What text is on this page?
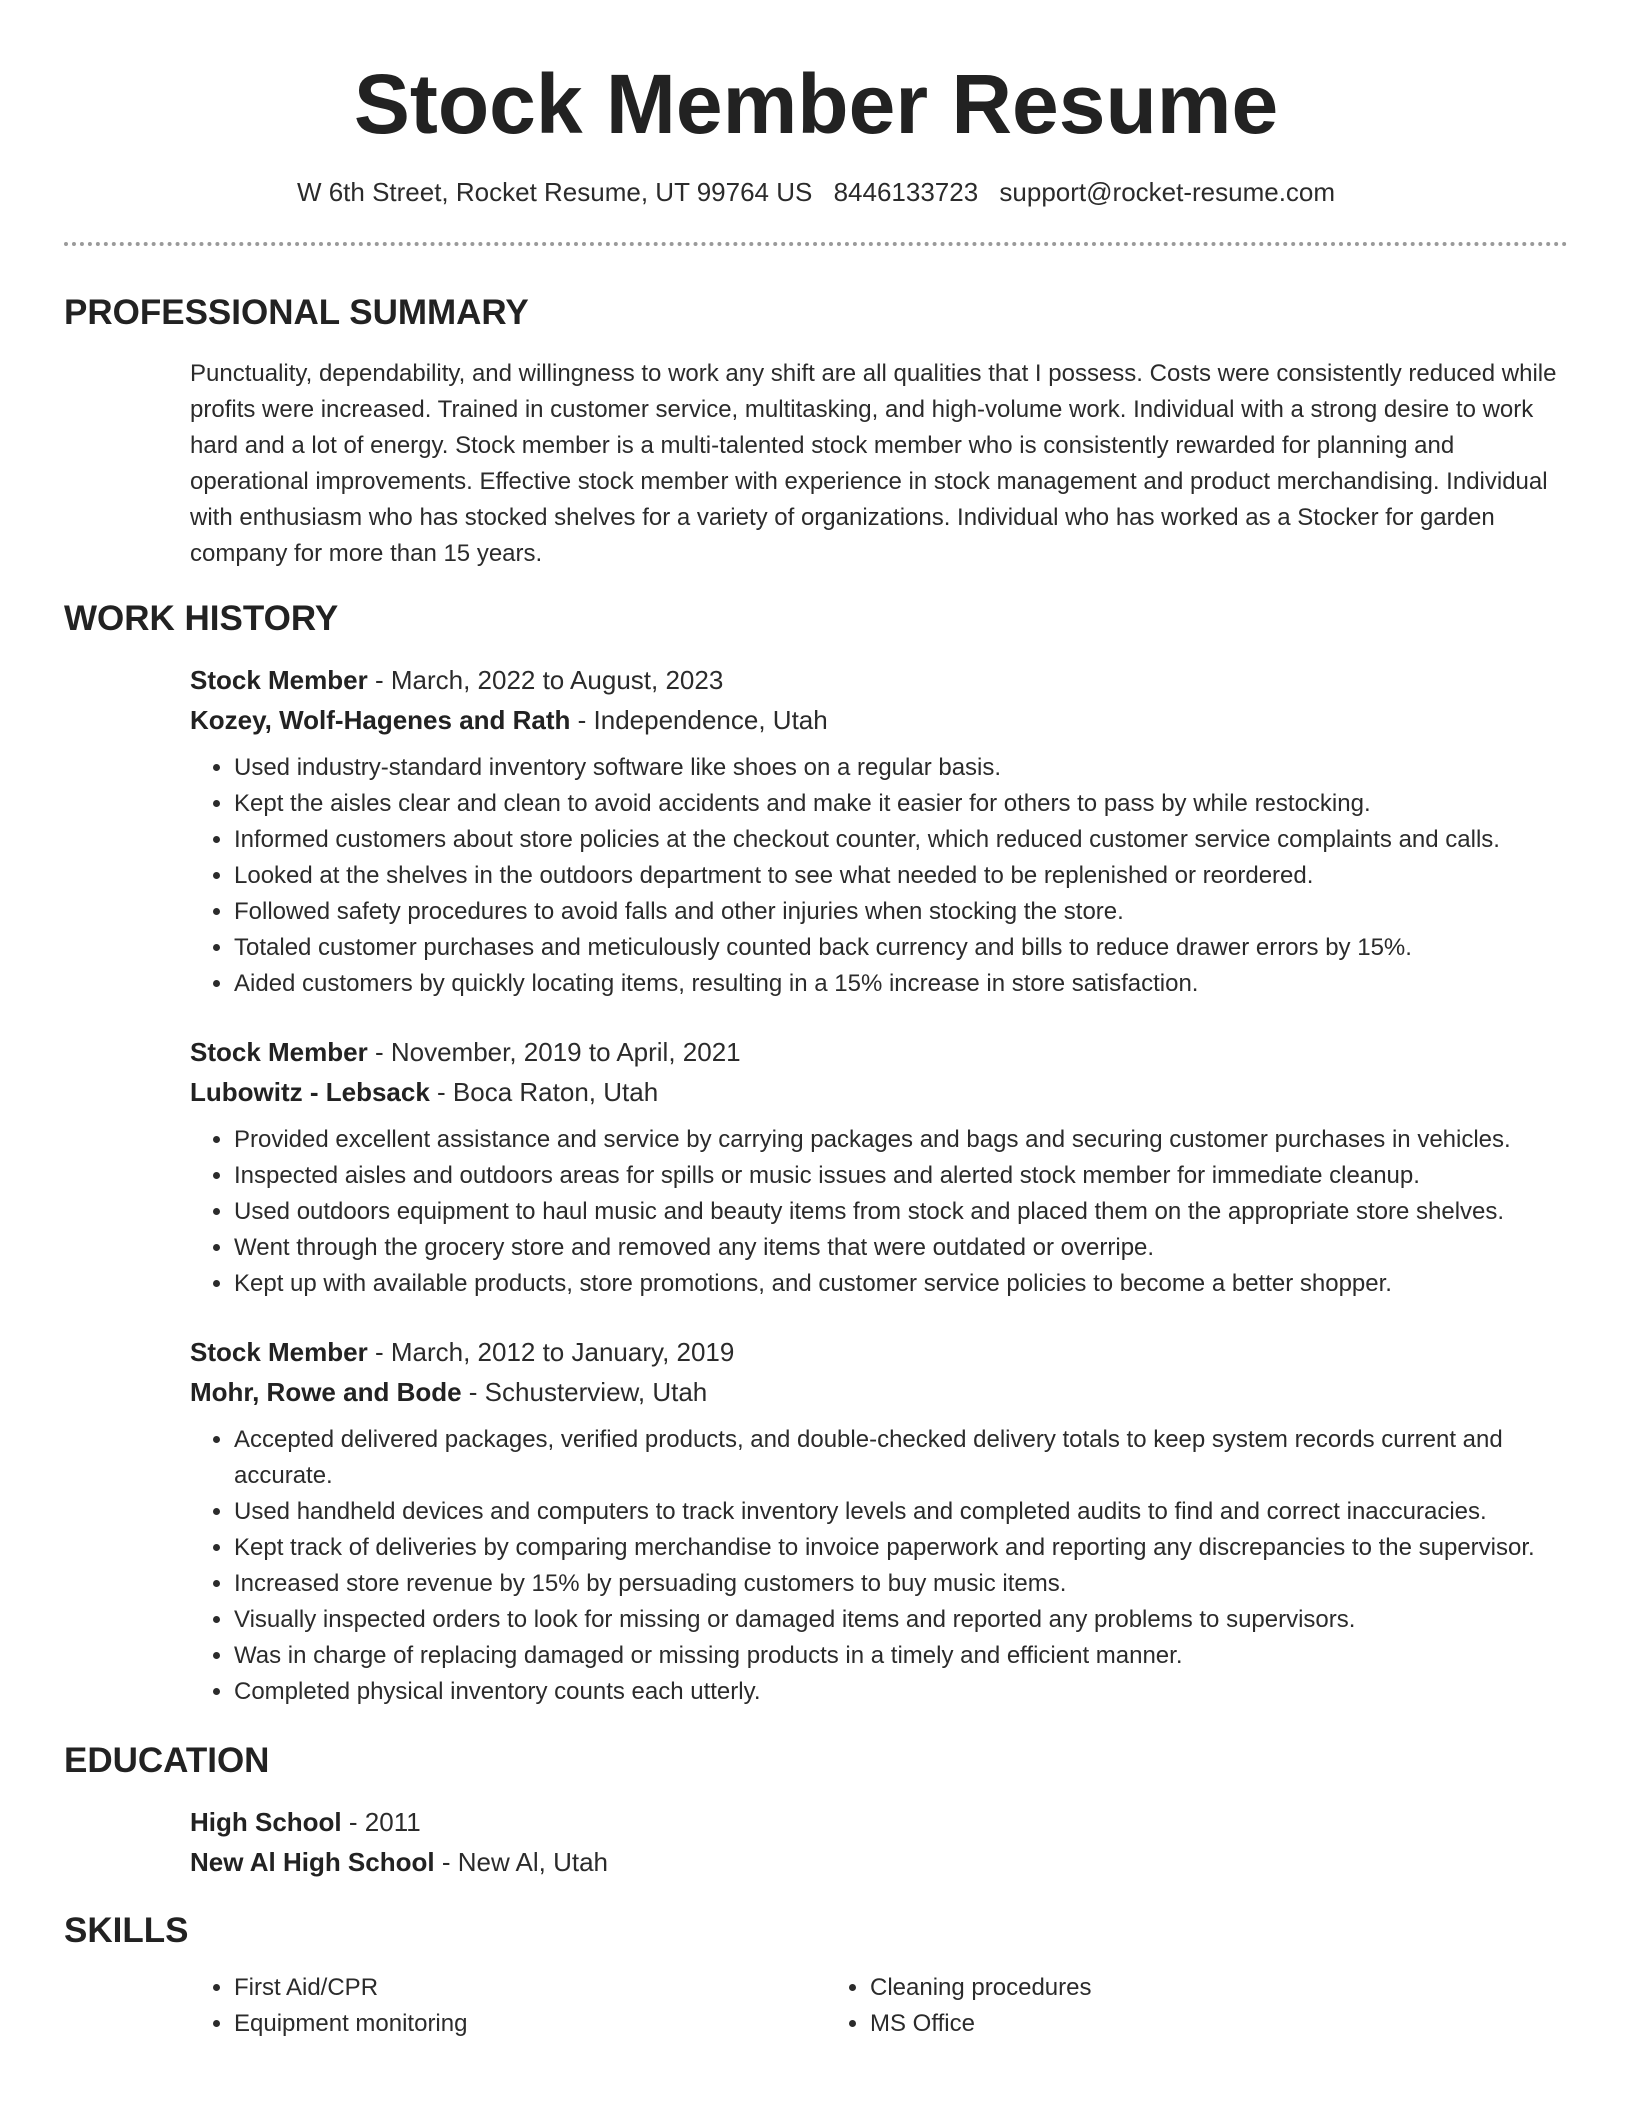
Stock Member Resume
W 6th Street, Rocket Resume, UT 99764 US 8446133723 support@rocket-resume.com
PROFESSIONAL SUMMARY
Punctuality, dependability, and willingness to work any shift are all qualities that I possess. Costs were consistently reduced while profits were increased. Trained in customer service, multitasking, and high-volume work. Individual with a strong desire to work hard and a lot of energy. Stock member is a multi-talented stock member who is consistently rewarded for planning and operational improvements. Effective stock member with experience in stock management and product merchandising. Individual with enthusiasm who has stocked shelves for a variety of organizations. Individual who has worked as a Stocker for garden company for more than 15 years.
WORK HISTORY
Stock Member - March, 2022 to August, 2023
Kozey, Wolf-Hagenes and Rath - Independence, Utah
• Used industry-standard inventory software like shoes on a regular basis.
• Kept the aisles clear and clean to avoid accidents and make it easier for others to pass by while restocking.
• Informed customers about store policies at the checkout counter, which reduced customer service complaints and calls.
• Looked at the shelves in the outdoors department to see what needed to be replenished or reordered.
• Followed safety procedures to avoid falls and other injuries when stocking the store.
• Totaled customer purchases and meticulously counted back currency and bills to reduce drawer errors by 15%.
• Aided customers by quickly locating items, resulting in a 15% increase in store satisfaction.
Stock Member - November, 2019 to April, 2021
Lubowitz - Lebsack - Boca Raton, Utah
• Provided excellent assistance and service by carrying packages and bags and securing customer purchases in vehicles.
• Inspected aisles and outdoors areas for spills or music issues and alerted stock member for immediate cleanup.
• Used outdoors equipment to haul music and beauty items from stock and placed them on the appropriate store shelves.
• Went through the grocery store and removed any items that were outdated or overripe.
• Kept up with available products, store promotions, and customer service policies to become a better shopper.
Stock Member - March, 2012 to January, 2019
Mohr, Rowe and Bode - Schusterview, Utah
• Accepted delivered packages, verified products, and double-checked delivery totals to keep system records current and accurate.
• Used handheld devices and computers to track inventory levels and completed audits to find and correct inaccuracies.
• Kept track of deliveries by comparing merchandise to invoice paperwork and reporting any discrepancies to the supervisor.
• Increased store revenue by 15% by persuading customers to buy music items.
• Visually inspected orders to look for missing or damaged items and reported any problems to supervisors.
• Was in charge of replacing damaged or missing products in a timely and efficient manner.
• Completed physical inventory counts each utterly.
EDUCATION
High School - 2011
New Al High School - New Al, Utah
SKILLS
• First Aid/CPR
• Equipment monitoring
• Cleaning procedures
• MS Office
